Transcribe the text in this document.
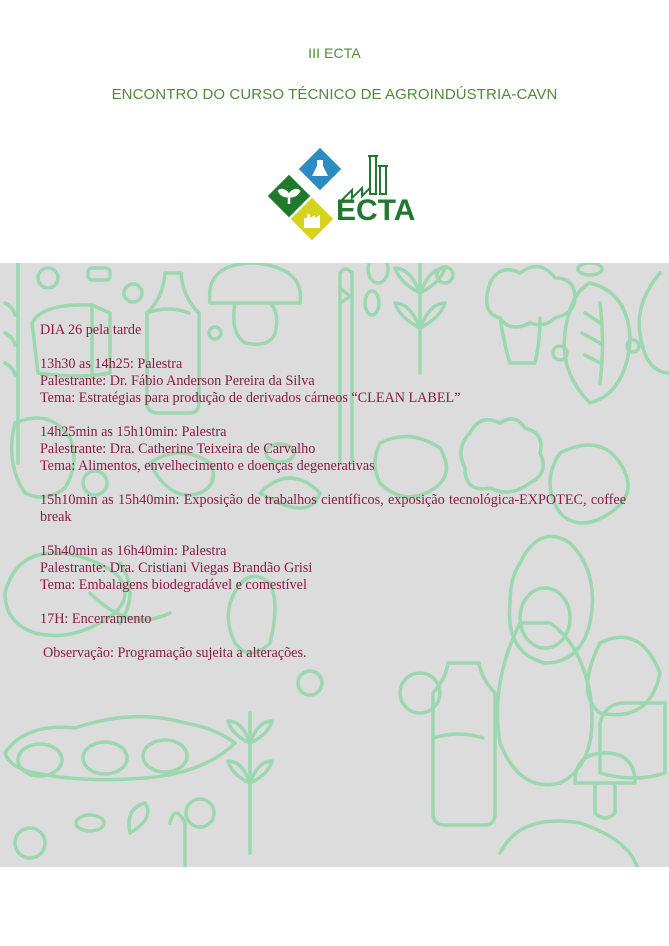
III ECTA
ENCONTRO DO CURSO TÉCNICO DE AGROINDÚSTRIA-CAVN
ECTA
DIA 26 pela tarde
13h30 as 14h25: Palestra
Palestrante: Dr. Fábio Anderson Pereira da Silva
Tema: Estratégias para produção de derivados cárneos “CLEAN LABEL”
14h25min as 15h10min: Palestra
Palestrante: Dra. Catherine Teixeira de Carvalho
Tema: Alimentos, envelhecimento e doenças degenerativas
15h10min as 15h40min: Exposição de trabalhos científicos, exposição tecnológica-EXPOTEC, coffee break
15h40min as 16h40min: Palestra
Palestrante: Dra. Cristiani Viegas Brandão Grisi
Tema: Embalagens biodegradável e comestível
17H: Encerramento
Observação: Programação sujeita a alterações.
